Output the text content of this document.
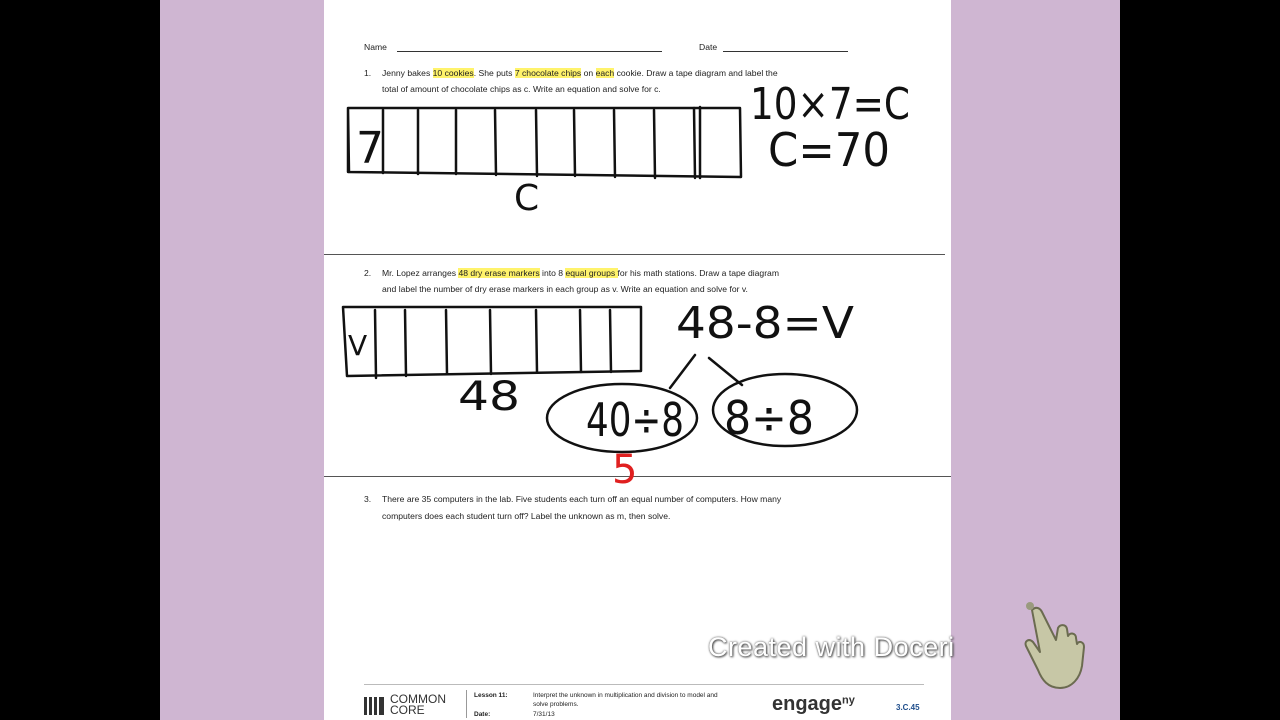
Name	Date
1. Jenny bakes 10 cookies. She puts 7 chocolate chips on each cookie. Draw a tape diagram and label the
total of amount of chocolate chips as c. Write an equation and solve for c.
2. Mr. Lopez arranges 48 dry erase markers into 8 equal groups for his math stations. Draw a tape diagram
and label the number of dry erase markers in each group as v. Write an equation and solve for v.
3. There are 35 computers in the lab. Five students each turn off an equal number of computers. How many
computers does each student turn off? Label the unknown as m, then solve.
COMMON
CORE
Lesson 11:	Interpret the unknown in multiplication and division to model and
solve problems.
Date:	7/31/13	engage$^{ny}$
3.C.45
7
C
10×7=C
C=70
V
48
48-8=V
40÷8 8÷8
5
Created with Doceri
